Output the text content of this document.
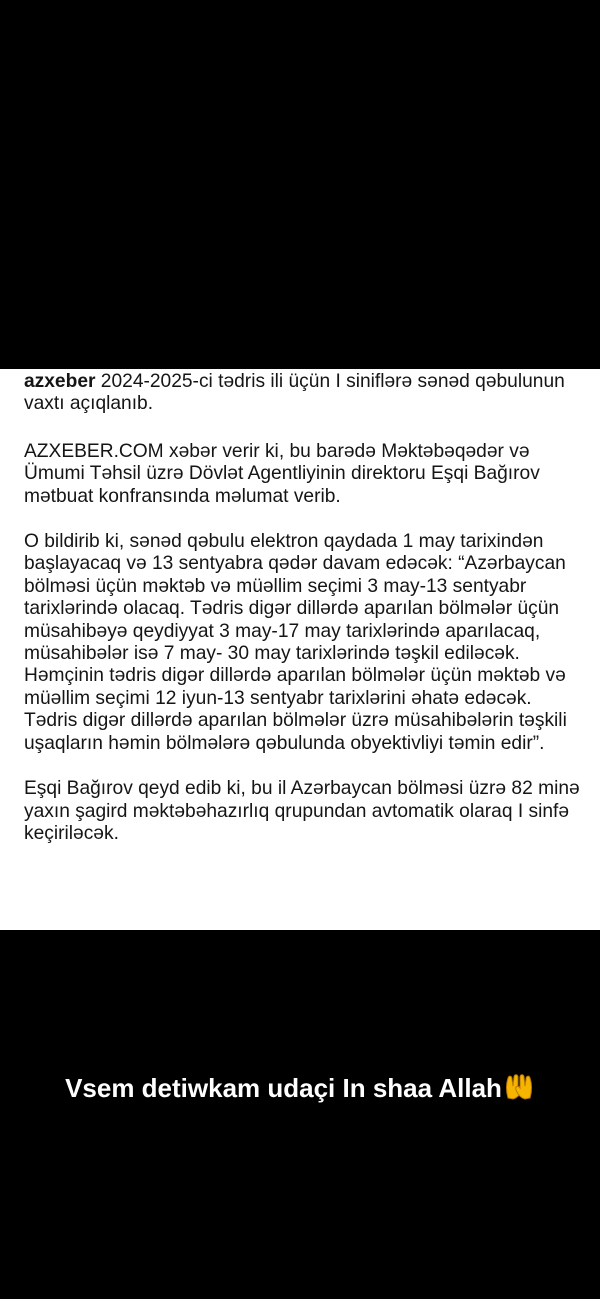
azxeber 2024-2025-ci tədris ili üçün I siniflərə sənəd qəbulunun vaxtı açıqlanıb.

AZXEBER.COM xəbər verir ki, bu barədə Məktəbəqədər və Ümumi Təhsil üzrə Dövlət Agentliyinin direktoru Eşqi Bağırov mətbuat konfransında məlumat verib.

O bildirib ki, sənəd qəbulu elektron qaydada 1 may tarixindən başlayacaq və 13 sentyabra qədər davam edəcək: “Azərbaycan bölməsi üçün məktəb və müəllim seçimi 3 may-13 sentyabr tarixlərində olacaq. Tədris digər dillərdə aparılan bölmələr üçün müsahibəyə qeydiyyat 3 may-17 may tarixlərində aparılacaq, müsahibələr isə 7 may- 30 may tarixlərində təşkil ediləcək. Həmçinin tədris digər dillərdə aparılan bölmələr üçün məktəb və müəllim seçimi 12 iyun-13 sentyabr tarixlərini əhatə edəcək. Tədris digər dillərdə aparılan bölmələr üzrə müsahibələrin təşkili uşaqların həmin bölmələrə qəbulunda obyektivliyi təmin edir”.

Eşqi Bağırov qeyd edib ki, bu il Azərbaycan bölməsi üzrə 82 minə yaxın şagird məktəbəhazırlıq qrupundan avtomatik olaraq I sinfə keçiriləcək.

Vsem detiwkam udaçi In shaa Allah
